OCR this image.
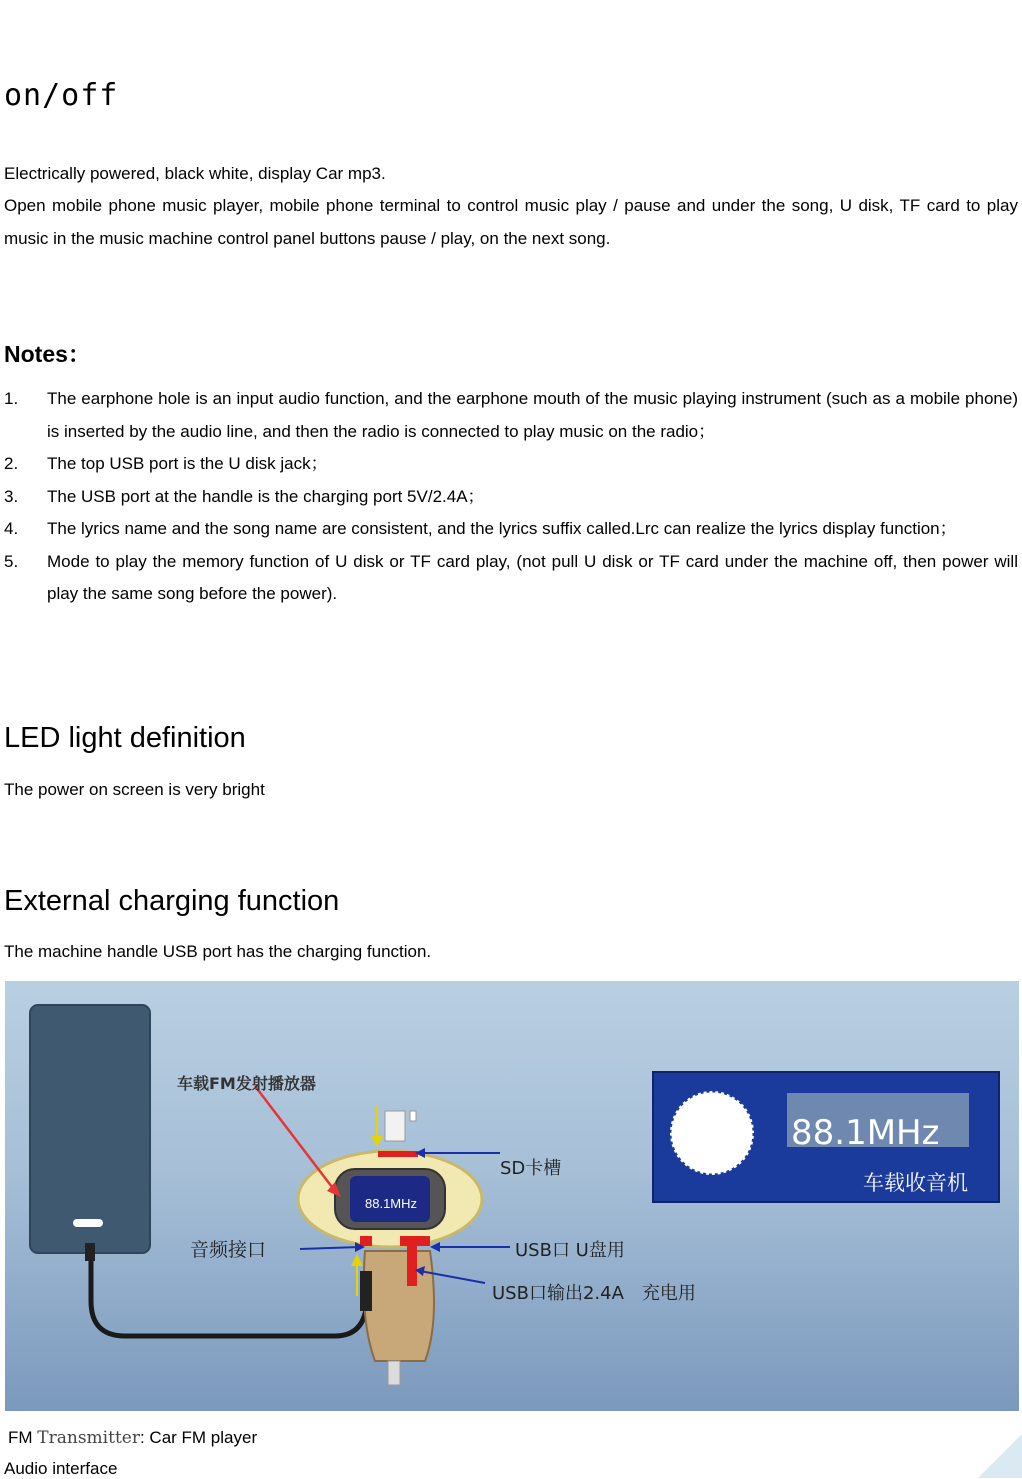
on/off
Electrically powered, black white, display Car mp3.
Open mobile phone music player, mobile phone terminal to control music play / pause and under the song, U disk, TF card to play music in the music machine control panel buttons pause / play, on the next song.
Notes：
1. The earphone hole is an input audio function, and the earphone mouth of the music playing instrument (such as a mobile phone) is inserted by the audio line, and then the radio is connected to play music on the radio；
2. The top USB port is the U disk jack；
3. The USB port at the handle is the charging port 5V/2.4A；
4. The lyrics name and the song name are consistent, and the lyrics suffix called.Lrc can realize the lyrics display function；
5. Mode to play the memory function of U disk or TF card play, (not pull U disk or TF card under the machine off, then power will play the same song before the power).
LED light definition
The power on screen is very bright
External charging function
The machine handle USB port has the charging function.
88.1MHz
车载FM发射播放器
SD卡槽
音频接口	USB口 U盘用
USB口输出2.4A　充电用
88.1MHz
车载收音机
FM Transmitter: Car FM player
Audio interface
